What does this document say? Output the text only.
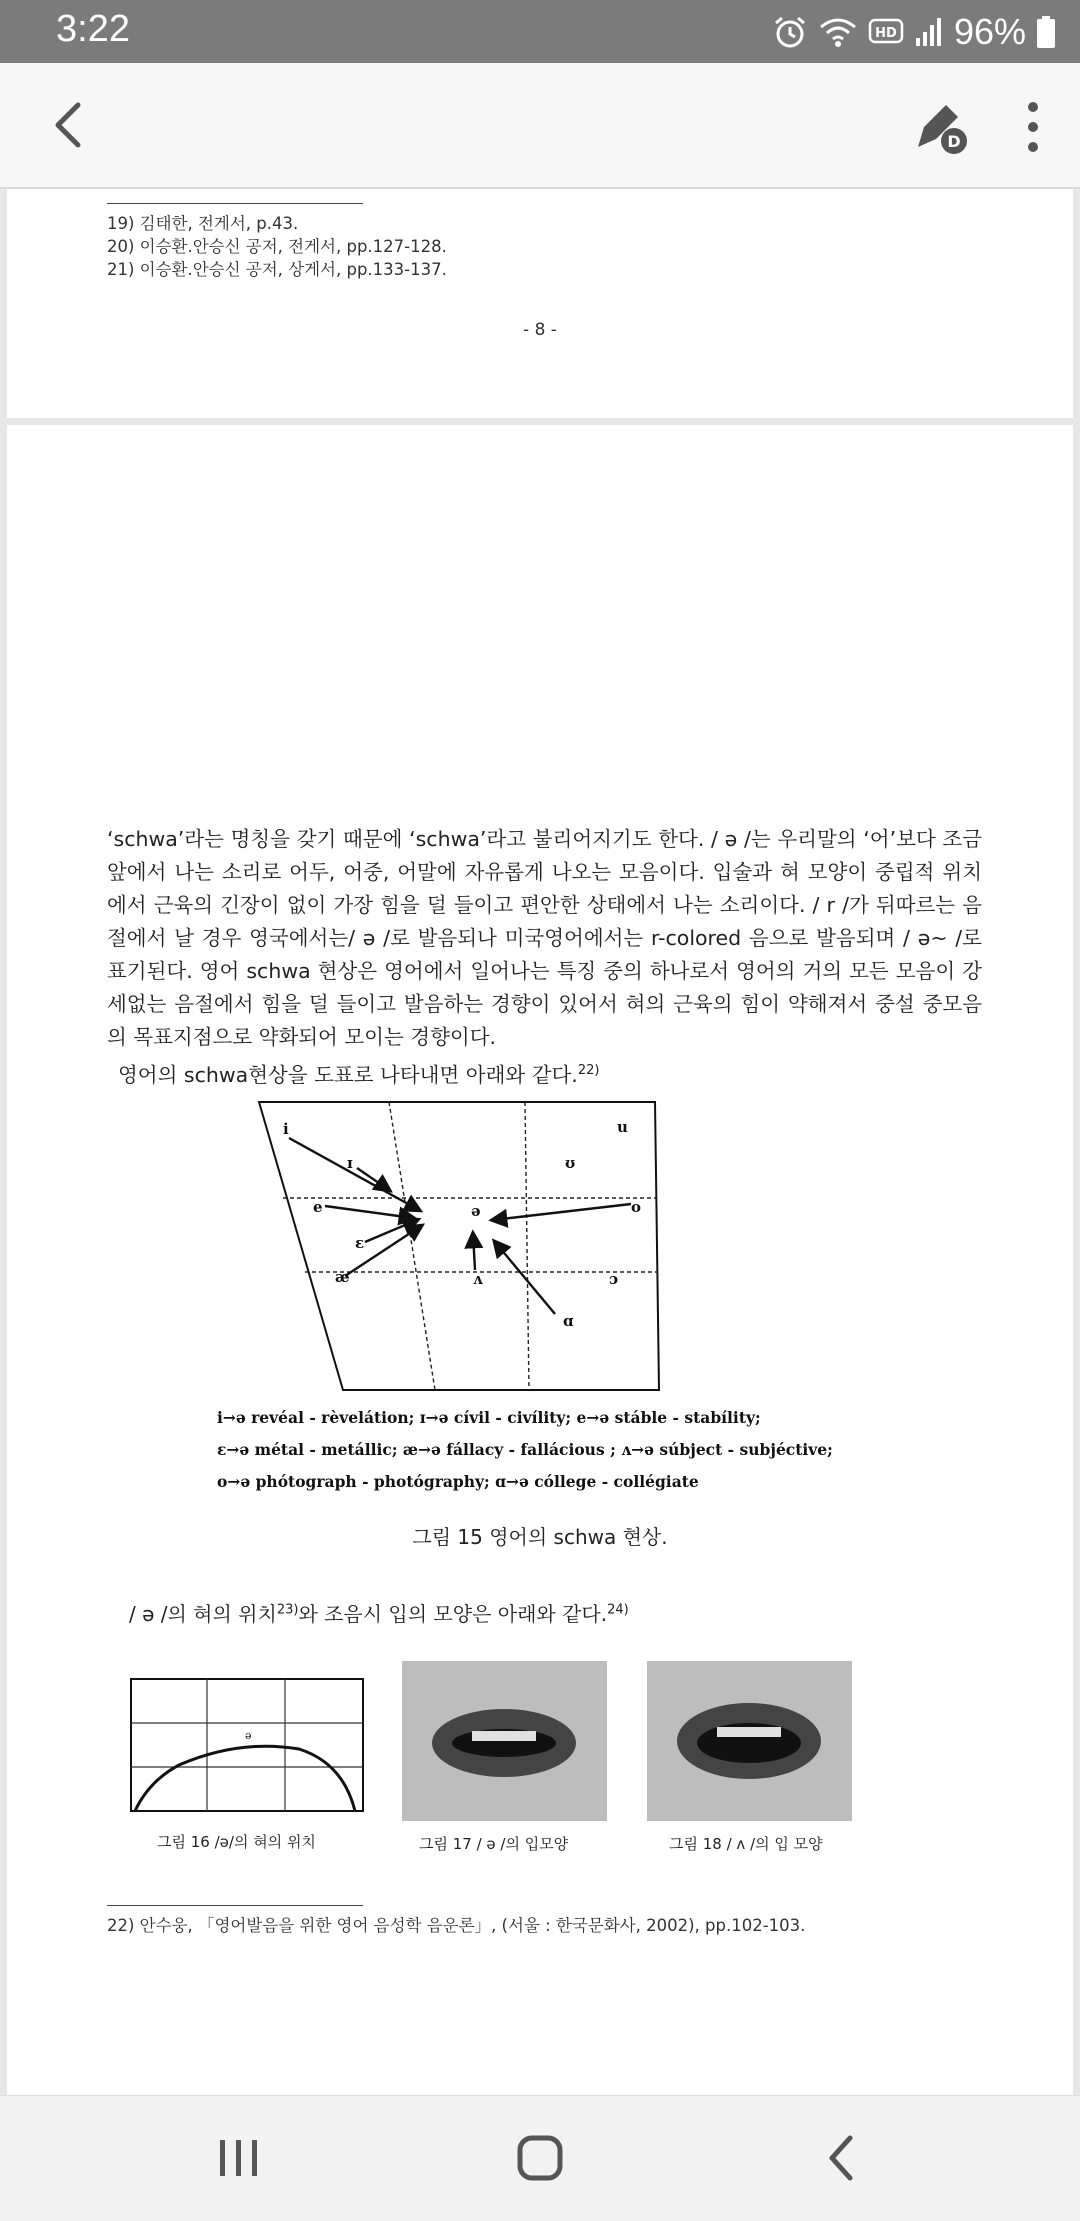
3:22	HD 96%
D
19) 김태한, 전게서, p.43.
20) 이승환.안승신 공저, 전게서, pp.127-128.
21) 이승환.안승신 공저, 상게서, pp.133-137.
- 8 -

‘schwa’라는 명칭을 갖기 때문에 ‘schwa’라고 불리어지기도 한다. / ə /는 우리말의 ‘어’보다 조금 앞에서 나는 소리로 어두, 어중, 어말에 자유롭게 나오는 모음이다. 입술과 혀 모양이 중립적 위치에서 근육의 긴장이 없이 가장 힘을 덜 들이고 편안한 상태에서 나는 소리이다. / r /가 뒤따르는 음절에서 날 경우 영국에서는/ ə /로 발음되나 미국영어에서는 r-colored 음으로 발음되며 / ə~ /로 표기된다. 영어 schwa 현상은 영어에서 일어나는 특징 중의 하나로서 영어의 거의 모든 모음이 강세없는 음절에서 힘을 덜 들이고 발음하는 경향이 있어서 혀의 근육의 힘이 약해져서 중설 중모음의 목표지점으로 약화되어 모이는 경향이다.

영어의 schwa현상을 도표로 나타내면 아래와 같다.$^{22)}$

i
ɪ
e
ɛ
æ
ə
ʌ
u
ʊ
o
ɔ
ɑ
i→ə revéal - rèvelátion; ɪ→ə cívil - civílity; e→ə stáble - stabílity;
ɛ→ə métal - metállic; æ→ə fállacy - fallácious ; ʌ→ə súbject - subjéctive;
o→ə phótograph - photógraphy; ɑ→ə cóllege - collégiate
그림 15 영어의 schwa 현상.
/ ə /의 혀의 위치$^{23)}$와 조음시 입의 모양은 아래와 같다.$^{24)}$
ə
그림 16 /ə/의 혀의 위치	그림 17 / ə /의 입모양	그림 18 / ʌ /의 입 모양
22) 안수웅, 「영어발음을 위한 영어 음성학 음운론」, (서울 : 한국문화사, 2002), pp.102-103.
